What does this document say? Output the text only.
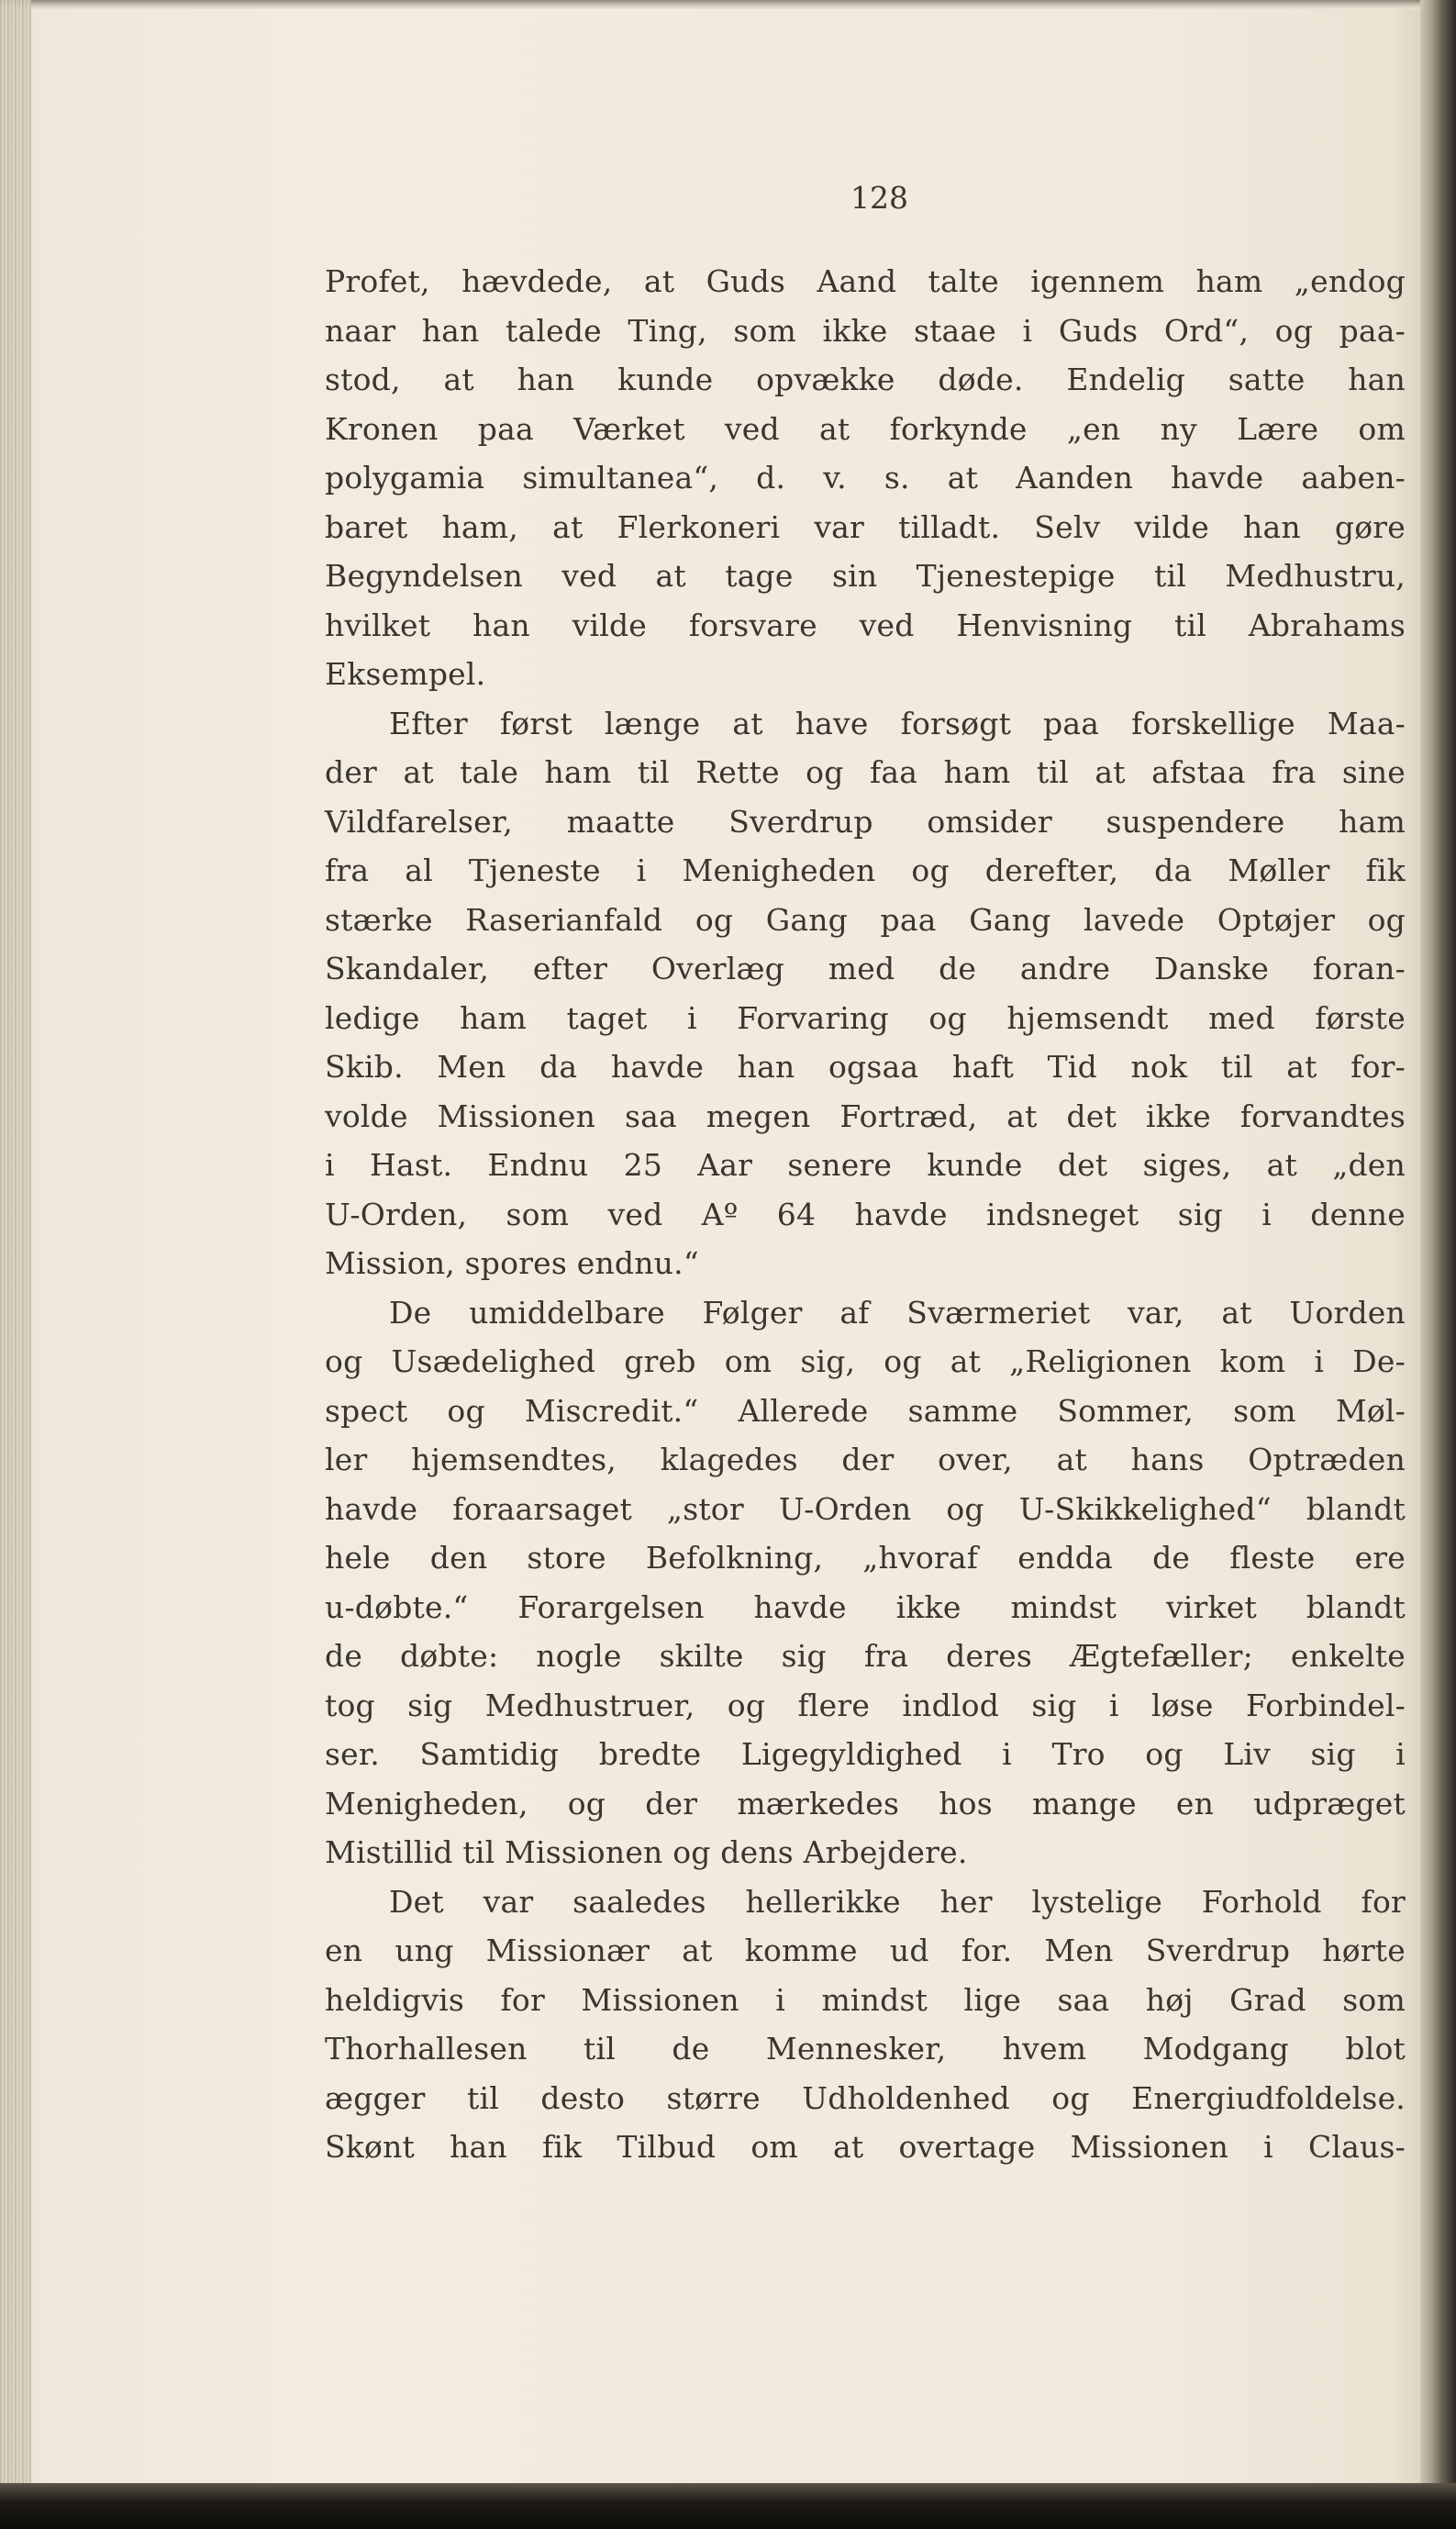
128

Profet, hævdede, at Guds Aand talte igennem ham „endog

naar han talede Ting, som ikke staae i Guds Ord“, og paa-

stod, at han kunde opvække døde. Endelig satte han

Kronen paa Værket ved at forkynde „en ny Lære om

polygamia simultanea“, d. v. s. at Aanden havde aaben-

baret ham, at Flerkoneri var tilladt. Selv vilde han gøre

Begyndelsen ved at tage sin Tjenestepige til Medhustru,

hvilket han vilde forsvare ved Henvisning til Abrahams

Eksempel.

Efter først længe at have forsøgt paa forskellige Maa-

der at tale ham til Rette og faa ham til at afstaa fra sine

Vildfarelser, maatte Sverdrup omsider suspendere ham

fra al Tjeneste i Menigheden og derefter, da Møller fik

stærke Raserianfald og Gang paa Gang lavede Optøjer og

Skandaler, efter Overlæg med de andre Danske foran-

ledige ham taget i Forvaring og hjemsendt med første

Skib. Men da havde han ogsaa haft Tid nok til at for-

volde Missionen saa megen Fortræd, at det ikke forvandtes

i Hast. Endnu 25 Aar senere kunde det siges, at „den

U-Orden, som ved Aº 64 havde indsneget sig i denne

Mission, spores endnu.“

De umiddelbare Følger af Sværmeriet var, at Uorden

og Usædelighed greb om sig, og at „Religionen kom i De-

spect og Miscredit.“ Allerede samme Sommer, som Møl-

ler hjemsendtes, klagedes der over, at hans Optræden

havde foraarsaget „stor U-Orden og U-Skikkelighed“ blandt

hele den store Befolkning, „hvoraf endda de fleste ere

u-døbte.“ Forargelsen havde ikke mindst virket blandt

de døbte: nogle skilte sig fra deres Ægtefæller; enkelte

tog sig Medhustruer, og flere indlod sig i løse Forbindel-

ser. Samtidig bredte Ligegyldighed i Tro og Liv sig i

Menigheden, og der mærkedes hos mange en udpræget

Mistillid til Missionen og dens Arbejdere.

Det var saaledes hellerikke her lystelige Forhold for

en ung Missionær at komme ud for. Men Sverdrup hørte

heldigvis for Missionen i mindst lige saa høj Grad som

Thorhallesen til de Mennesker, hvem Modgang blot

ægger til desto større Udholdenhed og Energiudfoldelse.

Skønt han fik Tilbud om at overtage Missionen i Claus-
